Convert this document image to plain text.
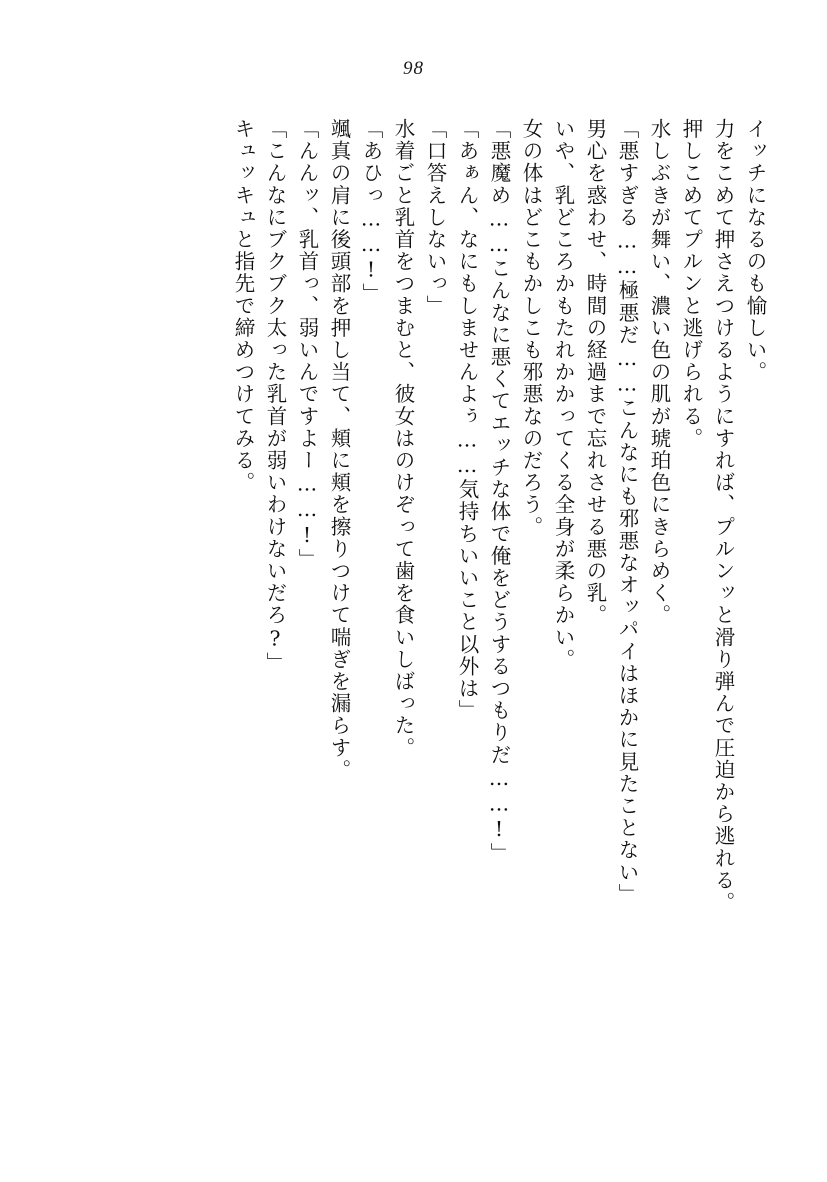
98
イッチになるのも愉しい。
力をこめて押さえつけるようにすれば、プルンッと滑り弾んで圧迫から逃れる。
押しこめてプルンと逃げられる。
水しぶきが舞い、濃い色の肌が琥珀色にきらめく。
「悪すぎる……極悪だ……こんなにも邪悪なオッパイはほかに見たことない」
男心を惑わせ、時間の経過まで忘れさせる悪の乳。
いや、乳どころかもたれかかってくる全身が柔らかい。
女の体はどこもかしこも邪悪なのだろう。
「悪魔め……こんなに悪くてエッチな体で俺をどうするつもりだ……!」
「あぁん、なにもしませんよぅ……気持ちいいこと以外は」
「口答えしないっ」
水着ごと乳首をつまむと、彼女はのけぞって歯を食いしばった。
「あひっ……!」
颯真の肩に後頭部を押し当て、頬に頬を擦りつけて喘ぎを漏らす。
「んんッ、乳首っ、弱いんですよー……!」
「こんなにブクブク太った乳首が弱いわけないだろ?」
キュッキュと指先で締めつけてみる。
